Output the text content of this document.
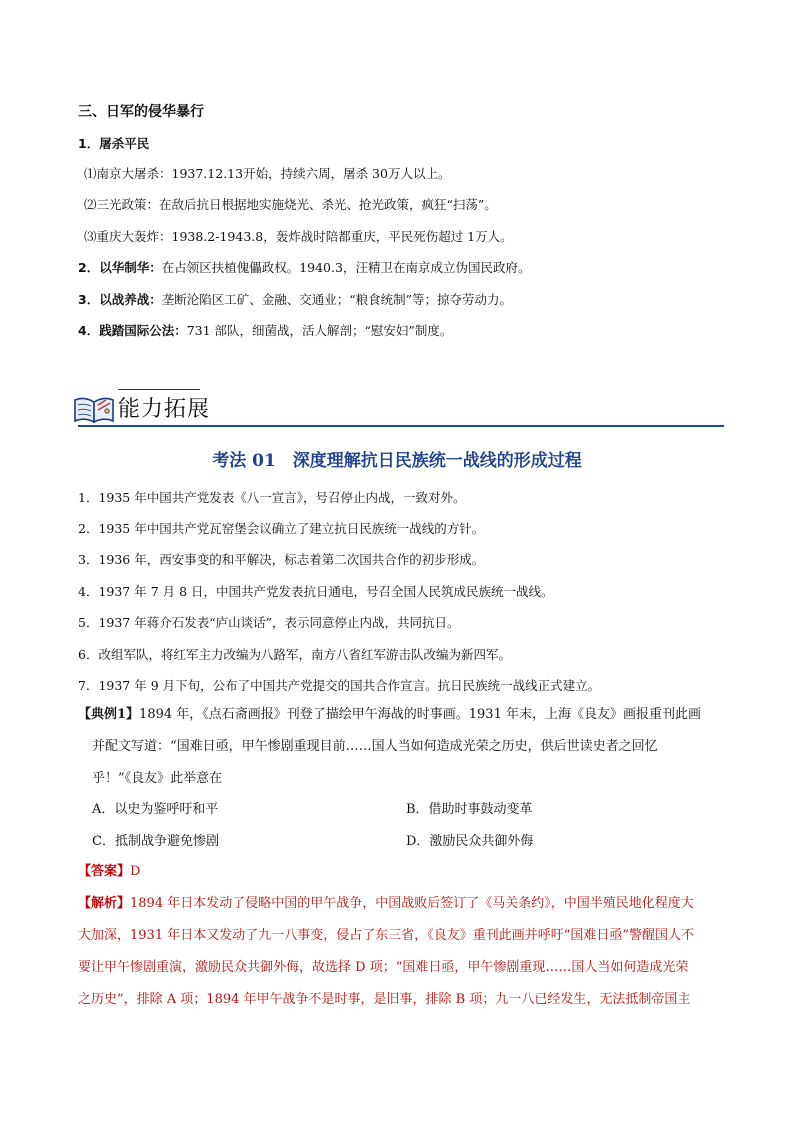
三、日军的侵华暴行
1．屠杀平民
⑴南京大屠杀：1937.12.13开始，持续六周，屠杀 30万人以上。
⑵三光政策：在敌后抗日根据地实施烧光、杀光、抢光政策，疯狂“扫荡”。
⑶重庆大轰炸：1938.2-1943.8，轰炸战时陪都重庆，平民死伤超过 1万人。
2．以华制华：在占领区扶植傀儡政权。1940.3，汪精卫在南京成立伪国民政府。
3．以战养战：垄断沦陷区工矿、金融、交通业；“粮食统制”等；掠夺劳动力。
4．践踏国际公法：731 部队，细菌战，活人解剖；“慰安妇”制度。
能力拓展
考法 01　深度理解抗日民族统一战线的形成过程
1．1935 年中国共产党发表《八一宣言》，号召停止内战，一致对外。
2．1935 年中国共产党瓦窑堡会议确立了建立抗日民族统一战线的方针。
3．1936 年，西安事变的和平解决，标志着第二次国共合作的初步形成。
4．1937 年 7 月 8 日，中国共产党发表抗日通电，号召全国人民筑成民族统一战线。
5．1937 年蒋介石发表“庐山谈话”，表示同意停止内战，共同抗日。
6．改组军队，将红军主力改编为八路军，南方八省红军游击队改编为新四军。
7．1937 年 9 月下旬，公布了中国共产党提交的国共合作宣言。抗日民族统一战线正式建立。
【典例1】1894 年，《点石斋画报》刊登了描绘甲午海战的时事画。1931 年末，上海《良友》画报重刊此画
并配文写道：“国难日亟，甲午惨剧重现目前……国人当如何造成光荣之历史，供后世读史者之回忆
乎！”《良友》此举意在
A．以史为鉴呼吁和平	B．借助时事鼓动变革
C．抵制战争避免惨剧	D．激励民众共御外侮
【答案】D
【解析】1894 年日本发动了侵略中国的甲午战争，中国战败后签订了《马关条约》，中国半殖民地化程度大
大加深，1931 年日本又发动了九一八事变，侵占了东三省，《良友》重刊此画并呼吁“国难日亟”警醒国人不
要让甲午惨剧重演，激励民众共御外侮，故选择 D 项；“国难日亟，甲午惨剧重现……国人当如何造成光荣
之历史”，排除 A 项；1894 年甲午战争不是时事，是旧事，排除 B 项；九一八已经发生，无法抵制帝国主
